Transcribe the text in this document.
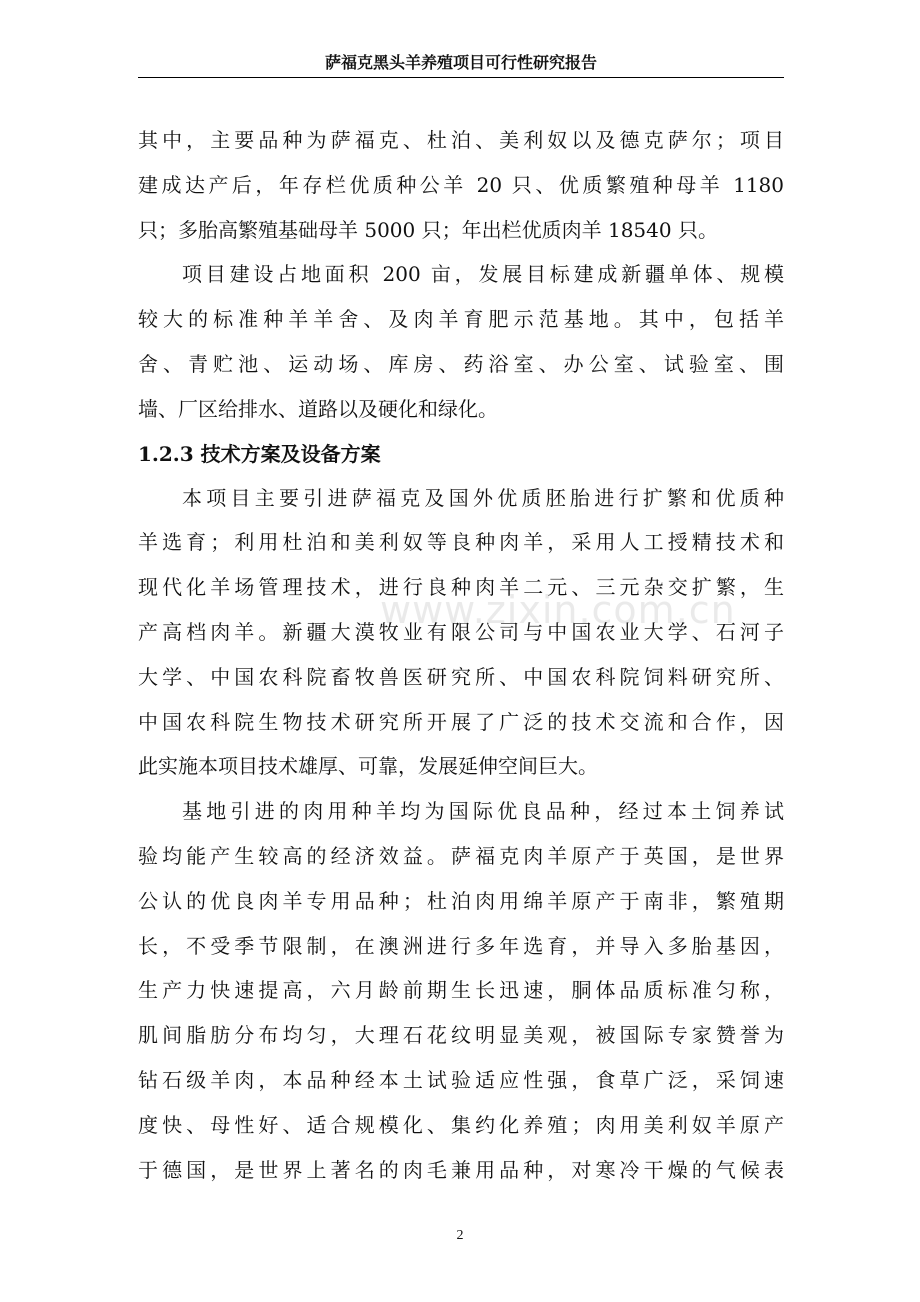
萨福克黑头羊养殖项目可行性研究报告
www.zixin.com.cn
其中，主要品种为萨福克、杜泊、美利奴以及德克萨尔；项目
建成达产后，年存栏优质种公羊 20 只、优质繁殖种母羊 1180
只；多胎高繁殖基础母羊 5000 只；年出栏优质肉羊 18540 只。
项目建设占地面积 200 亩，发展目标建成新疆单体、规模
较大的标准种羊羊舍、及肉羊育肥示范基地。其中，包括羊
舍、青贮池、运动场、库房、药浴室、办公室、试验室、围
墙、厂区给排水、道路以及硬化和绿化。
1.2.3 技术方案及设备方案
本项目主要引进萨福克及国外优质胚胎进行扩繁和优质种
羊选育；利用杜泊和美利奴等良种肉羊，采用人工授精技术和
现代化羊场管理技术，进行良种肉羊二元、三元杂交扩繁，生
产高档肉羊。新疆大漠牧业有限公司与中国农业大学、石河子
大学、中国农科院畜牧兽医研究所、中国农科院饲料研究所、
中国农科院生物技术研究所开展了广泛的技术交流和合作，因
此实施本项目技术雄厚、可靠，发展延伸空间巨大。
基地引进的肉用种羊均为国际优良品种，经过本土饲养试
验均能产生较高的经济效益。萨福克肉羊原产于英国，是世界
公认的优良肉羊专用品种；杜泊肉用绵羊原产于南非，繁殖期
长，不受季节限制，在澳洲进行多年选育，并导入多胎基因，
生产力快速提高，六月龄前期生长迅速，胴体品质标准匀称，
肌间脂肪分布均匀，大理石花纹明显美观，被国际专家赞誉为
钻石级羊肉，本品种经本土试验适应性强，食草广泛，采饲速
度快、母性好、适合规模化、集约化养殖；肉用美利奴羊原产
于德国，是世界上著名的肉毛兼用品种，对寒冷干燥的气候表
2
